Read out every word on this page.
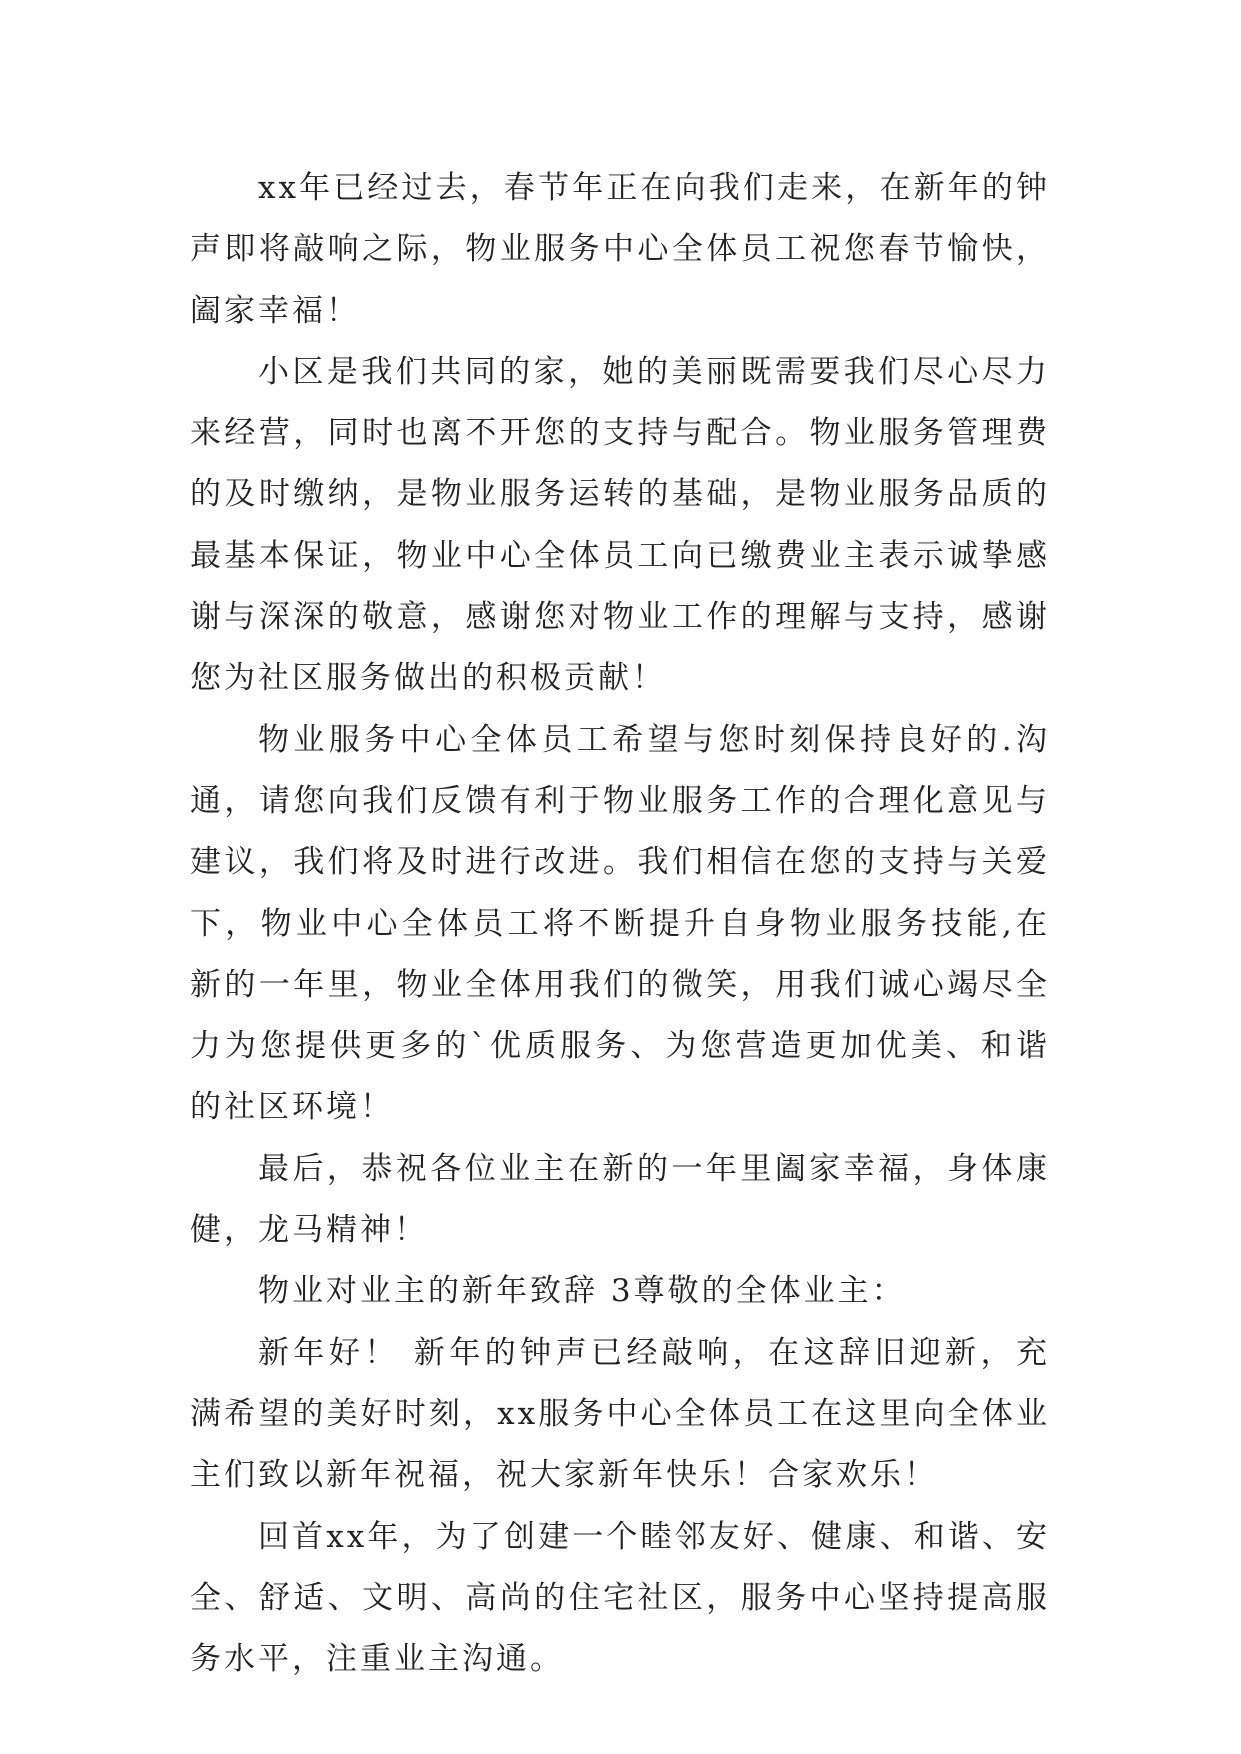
xx年已经过去，春节年正在向我们走来，在新年的钟声即将敲响之际，物业服务中心全体员工祝您春节愉快，阖家幸福！

小区是我们共同的家，她的美丽既需要我们尽心尽力来经营，同时也离不开您的支持与配合。物业服务管理费的及时缴纳，是物业服务运转的基础，是物业服务品质的最基本保证，物业中心全体员工向已缴费业主表示诚挚感谢与深深的敬意，感谢您对物业工作的理解与支持，感谢您为社区服务做出的积极贡献！

物业服务中心全体员工希望与您时刻保持良好的.沟通，请您向我们反馈有利于物业服务工作的合理化意见与建议，我们将及时进行改进。我们相信在您的支持与关爱下，物业中心全体员工将不断提升自身物业服务技能,在新的一年里，物业全体用我们的微笑，用我们诚心竭尽全力为您提供更多的`优质服务、为您营造更加优美、和谐的社区环境！

最后，恭祝各位业主在新的一年里阖家幸福，身体康健，龙马精神！

物业对业主的新年致辞 3尊敬的全体业主：

新年好！ 新年的钟声已经敲响，在这辞旧迎新，充满希望的美好时刻，xx服务中心全体员工在这里向全体业主们致以新年祝福，祝大家新年快乐！合家欢乐！

回首xx年，为了创建一个睦邻友好、健康、和谐、安全、舒适、文明、高尚的住宅社区，服务中心坚持提高服务水平，注重业主沟通。
